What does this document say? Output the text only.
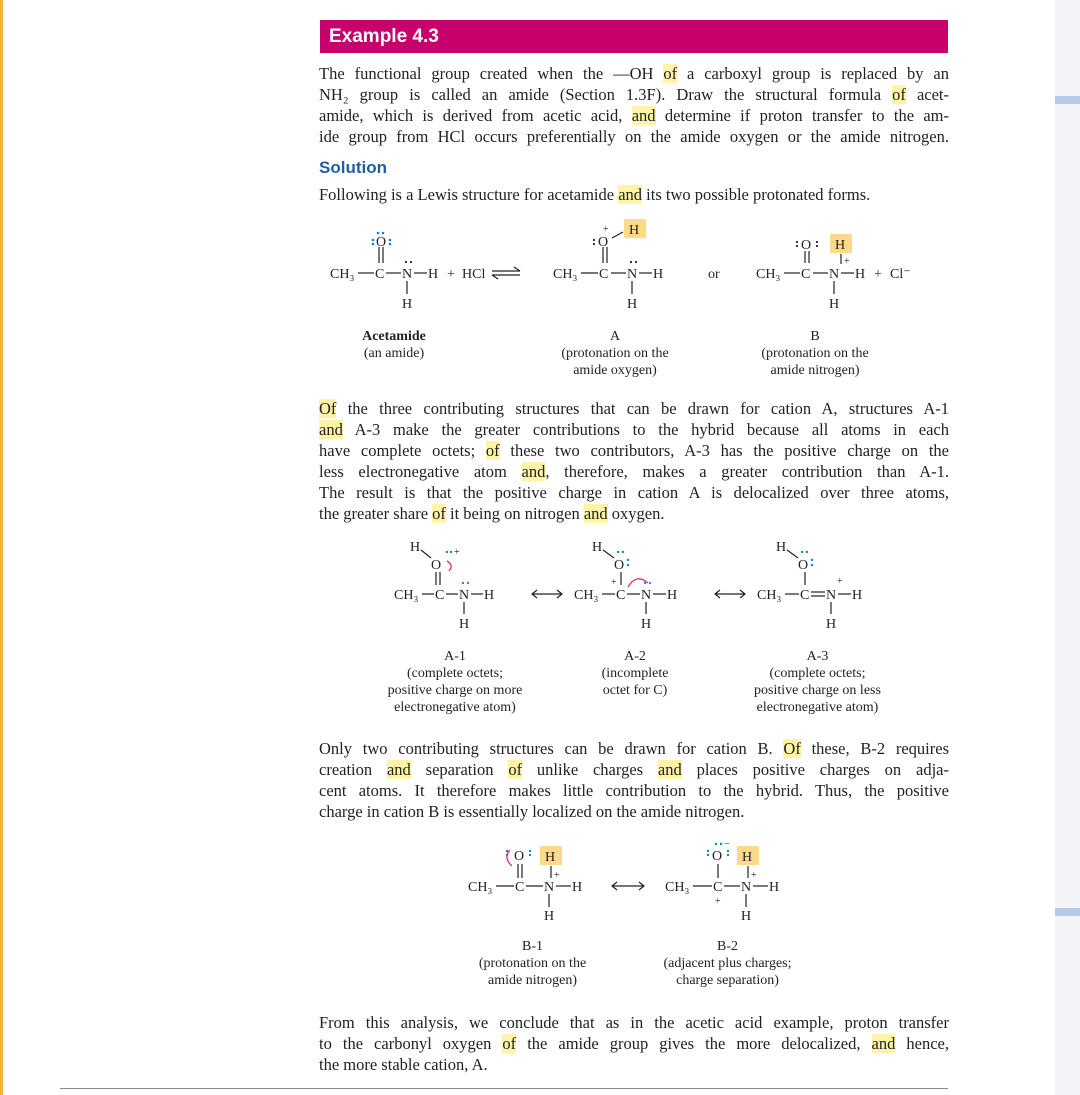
Example 4.3
The functional group created when the —OH of a carboxyl group is replaced by an
NH₂ group is called an amide (Section 1.3F). Draw the structural formula of acet-
amide, which is derived from acetic acid, and determine if proton transfer to the am-
ide group from HCl occurs preferentially on the amide oxygen or the amide nitrogen.
Solution
Following is a Lewis structure for acetamide and its two possible protonated forms.
CH₃ C
O
N H
H
+ HCl	CH₃ C
O
+ H
N H
H
or	CH₃ C
O H
+
N H
H
+ Cl⁻
Acetamide
(an amide)
A
(protonation on the
amide oxygen)
B
(protonation on the
amide nitrogen)
Of the three contributing structures that can be drawn for cation A, structures A-1
and A-3 make the greater contributions to the hybrid because all atoms in each
have complete octets; of these two contributors, A-3 has the positive charge on the
less electronegative atom and, therefore, makes a greater contribution than A-1.
The result is that the positive charge in cation A is delocalized over three atoms,
the greater share of it being on nitrogen and oxygen.
H
O
+
CH₃ C N H
H
H
O
CH₃ C
+
N H
H
H
O
CH₃ C N
+
H
H
A-1
(complete octets;
positive charge on more
electronegative atom)
A-2
(incomplete
octet for C)
A-3
(complete octets;
positive charge on less
electronegative atom)
Only two contributing structures can be drawn for cation B. Of these, B-2 requires
creation and separation of unlike charges and places positive charges on adja-
cent atoms. It therefore makes little contribution to the hybrid. Thus, the positive
charge in cation B is essentially localized on the amide nitrogen.
O H
+
CH₃ C N H
H
O
−
H
+
CH₃ C
+
N H
H
B-1
(protonation on the
amide nitrogen)
B-2
(adjacent plus charges;
charge separation)
From this analysis, we conclude that as in the acetic acid example, proton transfer
to the carbonyl oxygen of the amide group gives the more delocalized, and hence,
the more stable cation, A.
